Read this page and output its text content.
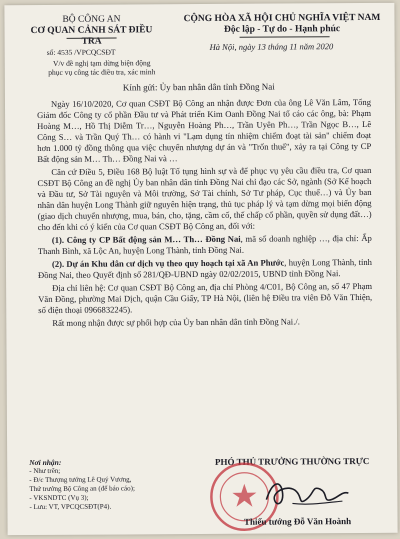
BỘ CÔNG AN
CƠ QUAN CẢNH SÁT ĐIỀU TRA
CỘNG HÒA XÃ HỘI CHỦ NGHĨA VIỆT NAM
Độc lập - Tự do - Hạnh phúc
số: 4535 /VPCQCSĐT
V/v đề nghị tạm dừng biện động
phục vụ công tác điều tra, xác minh
Hà Nội, ngày 13 tháng 11 năm 2020
Kính gửi: Ủy ban nhân dân tỉnh Đồng Nai

Ngày 16/10/2020, Cơ quan CSĐT Bộ Công an nhận được Đơn của ông Lê Văn Lâm, Tổng Giám đốc Công ty cổ phần Đầu tư và Phát triển Kim Oanh Đồng Nai tố cáo các ông, bà: Phạm Hoàng M…, Hồ Thị Diễm Tr…, Nguyễn Hoàng Ph…, Trần Uyên Ph…, Trần Ngọc B…, Lê Công S… và Trần Quý Th… có hành vi "Lạm dụng tín nhiệm chiếm đoạt tài sản" chiếm đoạt hơn 1.000 tỷ đồng thông qua việc chuyển nhượng dự án và "Trốn thuế", xảy ra tại Công ty CP Bất động sản M… Th… Đồng Nai và …

Căn cứ Điều 5, Điều 168 Bộ luật Tố tụng hình sự và để phục vụ yêu cầu điều tra, Cơ quan CSĐT Bộ Công an đề nghị Ủy ban nhân dân tỉnh Đồng Nai chỉ đạo các Sở, ngành (Sở Kế hoạch và Đầu tư, Sở Tài nguyên và Môi trường, Sở Tài chính, Sở Tư pháp, Cục thuế…) và Ủy ban nhân dân huyện Long Thành giữ nguyên hiện trạng, thủ tục pháp lý và tạm dừng mọi biến động (giao dịch chuyển nhượng, mua, bán, cho, tặng, cầm cố, thế chấp cổ phần, quyền sử dụng đất…) cho đến khi có ý kiến của Cơ quan CSĐT Bộ Công an, đối với:

(1). Công ty CP Bất động sản M… Th… Đồng Nai, mã số doanh nghiệp …, địa chỉ: Ấp Thanh Bình, xã Lộc An, huyện Long Thành, tỉnh Đồng Nai.

(2). Dự án Khu dân cư dịch vụ theo quy hoạch tại xã An Phước, huyện Long Thành, tỉnh Đồng Nai, theo Quyết định số 281/QĐ-UBND ngày 02/02/2015, UBND tỉnh Đồng Nai.

Địa chỉ liên hệ: Cơ quan CSĐT Bộ Công an, địa chỉ Phòng 4/C01, Bộ Công an, số 47 Phạm Văn Đồng, phường Mai Dịch, quận Cầu Giấy, TP Hà Nội, (liên hệ Điều tra viên Đỗ Văn Thiện, số điện thoại 0966832245).

Rất mong nhận được sự phối hợp của Ủy ban nhân dân tỉnh Đồng Nai./.

Nơi nhận:
- Như trên;
- Đ/c Thượng tướng Lê Quý Vương,
Thứ trưởng Bộ Công an (để báo cáo);
- VKSNDTC (Vụ 3);
- Lưu: VT, VPCQCSĐT(P4).
PHÓ THỦ TRƯỞNG THƯỜNG TRỰC
Thiếu tướng Đỗ Văn Hoành
